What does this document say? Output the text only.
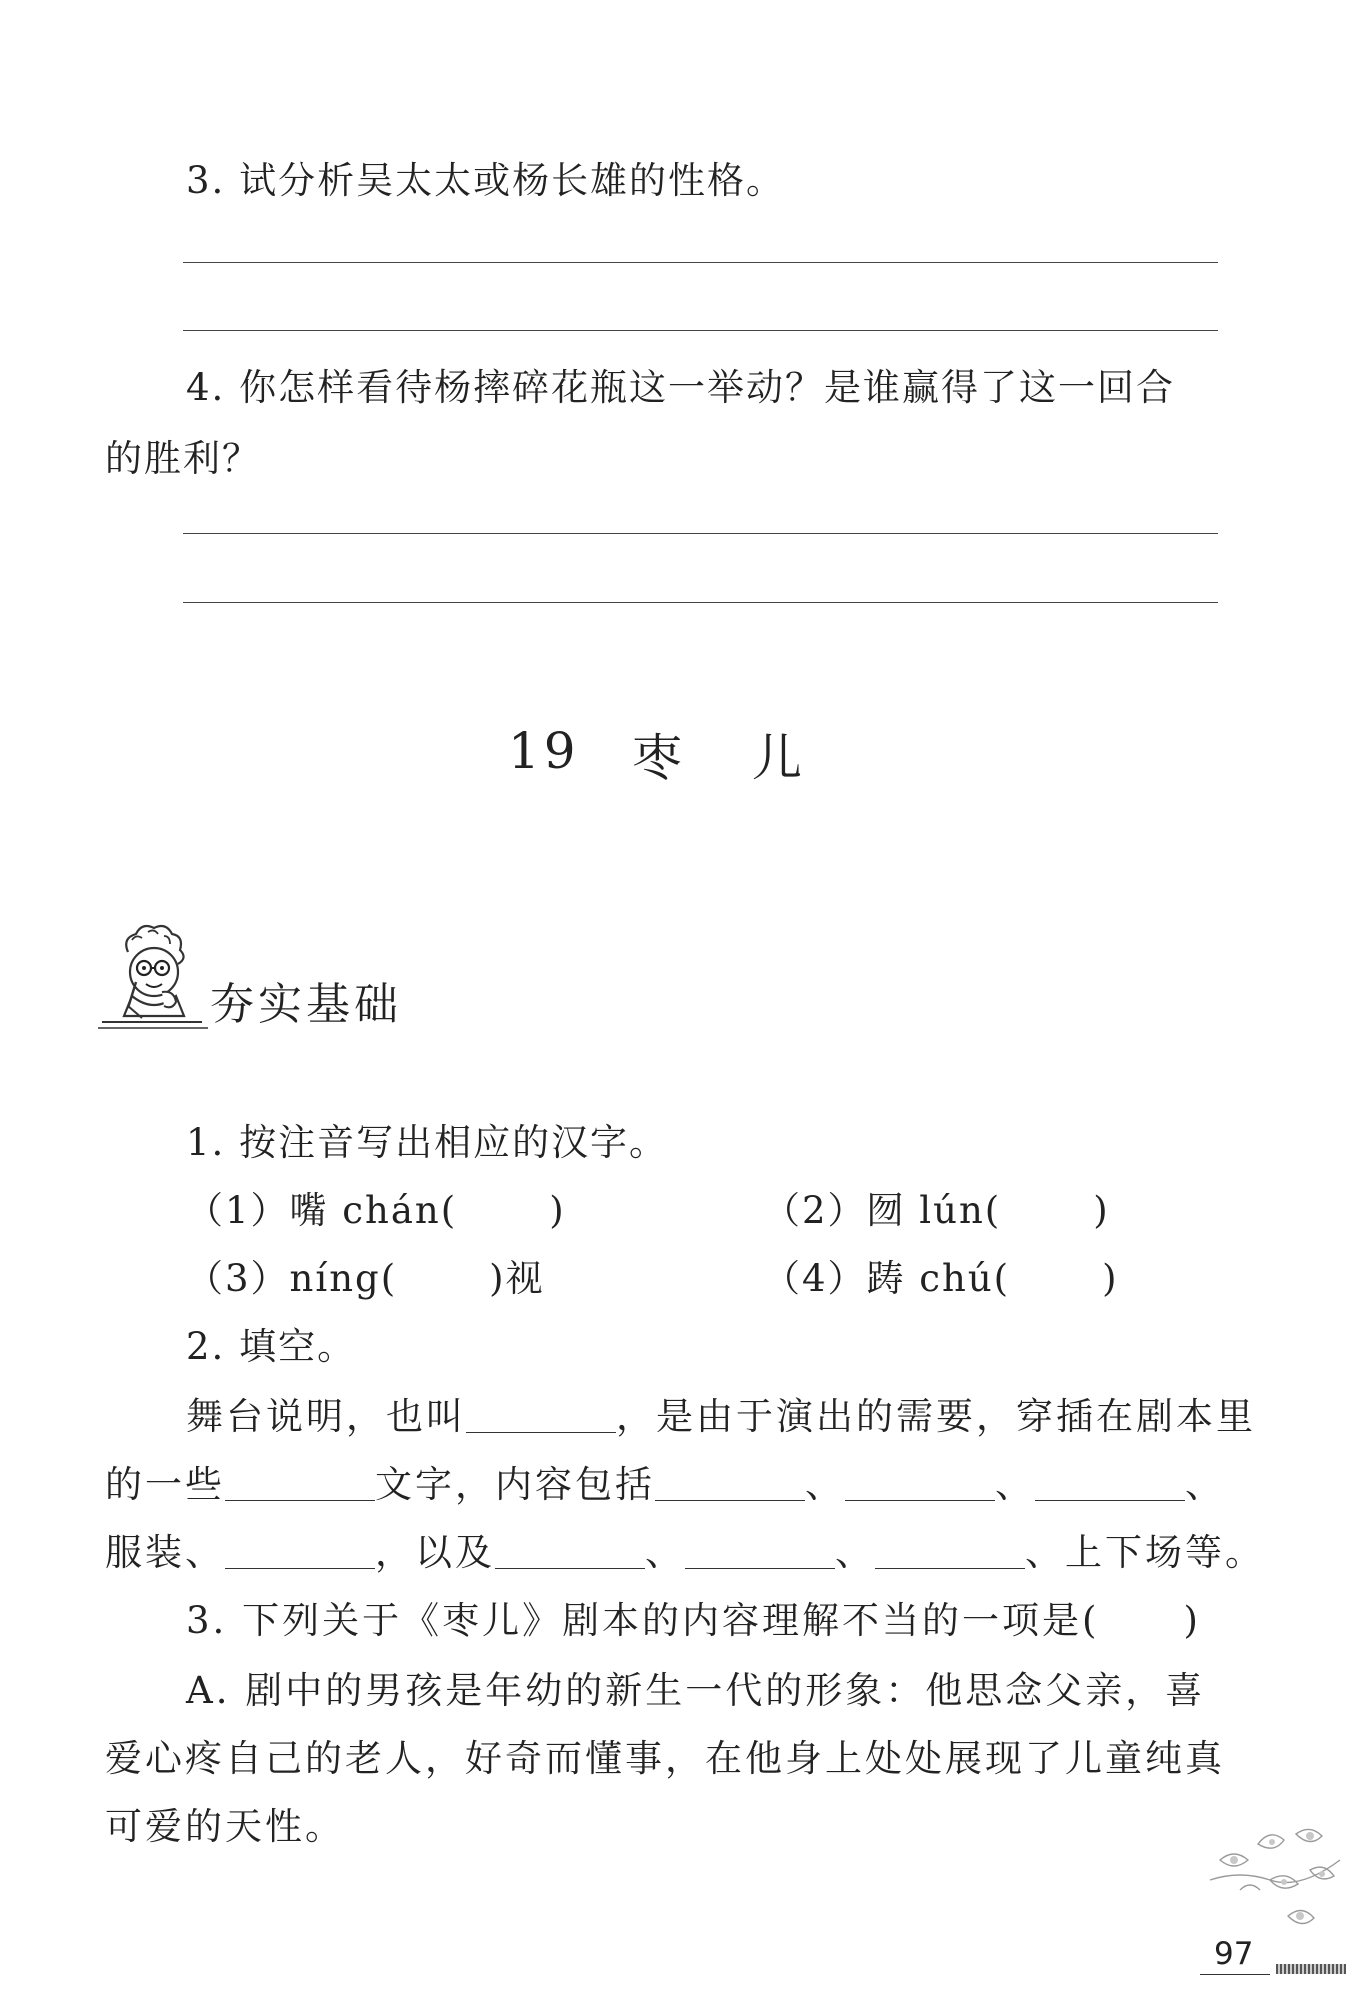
3. 试分析吴太太或杨长雄的性格。
4. 你怎样看待杨摔碎花瓶这一举动？是谁赢得了这一回合
的胜利？
19 枣 儿
夯实基础
1. 按注音写出相应的汉字。
（1）嘴 chán( )	（2）囫 lún( )
（3）níng( )视	（4）踌 chú( )
2. 填空。
舞台说明，也叫	，是由于演出的需要，穿插在剧本里
的一些	文字，内容包括	、	、	、
服装、	，以及	、	、	、上下场等。
3. 下列关于《枣儿》剧本的内容理解不当的一项是( )
A. 剧中的男孩是年幼的新生一代的形象：他思念父亲，喜
爱心疼自己的老人，好奇而懂事，在他身上处处展现了儿童纯真
可爱的天性。
97
